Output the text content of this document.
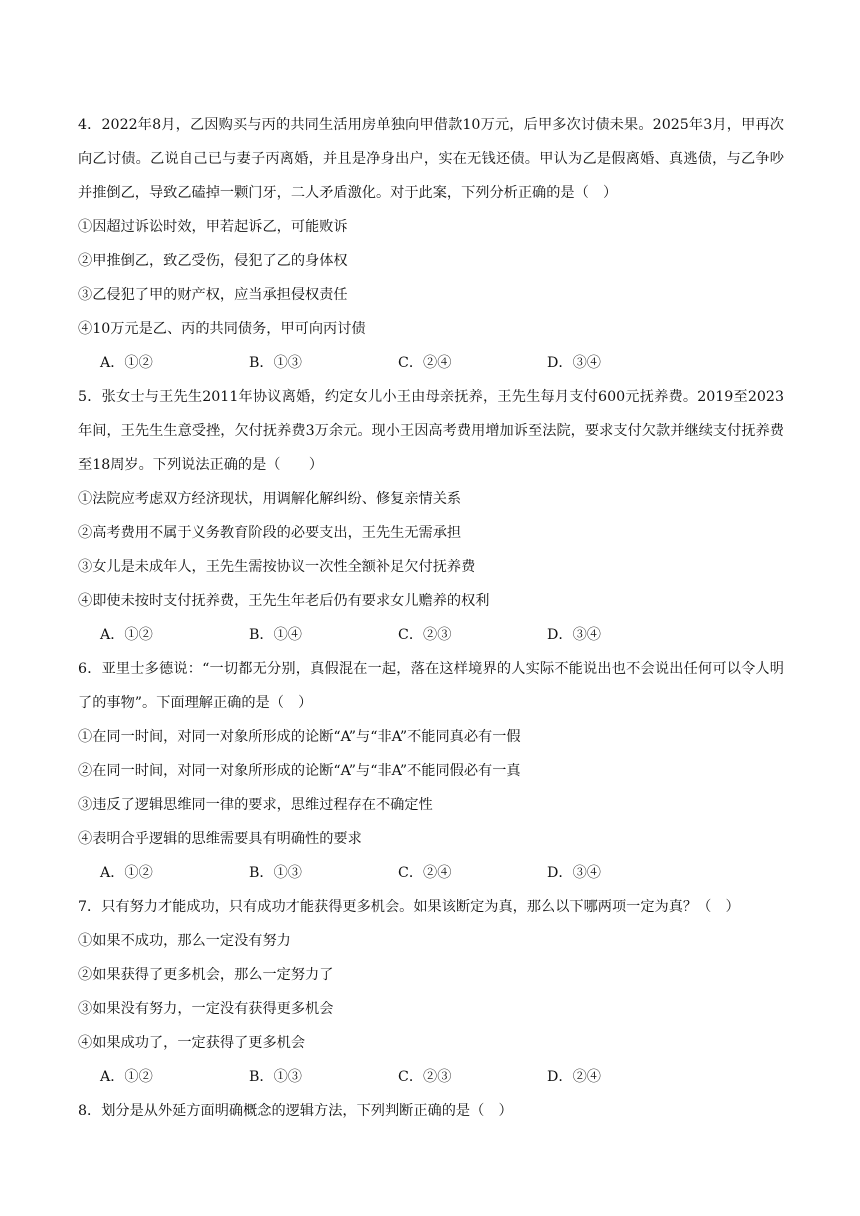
4．2022年8月，乙因购买与丙的共同生活用房单独向甲借款10万元，后甲多次讨债未果。2025年3月，甲再次向乙讨债。乙说自己已与妻子丙离婚，并且是净身出户，实在无钱还债。甲认为乙是假离婚、真逃债，与乙争吵并推倒乙，导致乙磕掉一颗门牙，二人矛盾激化。对于此案，下列分析正确的是（　）

①因超过诉讼时效，甲若起诉乙，可能败诉

②甲推倒乙，致乙受伤，侵犯了乙的身体权

③乙侵犯了甲的财产权，应当承担侵权责任

④10万元是乙、丙的共同债务，甲可向丙讨债

A．①②	B．①③	C．②④	D．③④

5．张女士与王先生2011年协议离婚，约定女儿小王由母亲抚养，王先生每月支付600元抚养费。2019至2023年间，王先生生意受挫，欠付抚养费3万余元。现小王因高考费用增加诉至法院，要求支付欠款并继续支付抚养费至18周岁。下列说法正确的是（　　）

①法院应考虑双方经济现状，用调解化解纠纷、修复亲情关系

②高考费用不属于义务教育阶段的必要支出，王先生无需承担

③女儿是未成年人，王先生需按协议一次性全额补足欠付抚养费

④即使未按时支付抚养费，王先生年老后仍有要求女儿赡养的权利

A．①②	B．①④	C．②③	D．③④

6．亚里士多德说：“一切都无分别，真假混在一起，落在这样境界的人实际不能说出也不会说出任何可以令人明了的事物”。下面理解正确的是（　）

①在同一时间，对同一对象所形成的论断“A”与“非A”不能同真必有一假

②在同一时间，对同一对象所形成的论断“A”与“非A”不能同假必有一真

③违反了逻辑思维同一律的要求，思维过程存在不确定性

④表明合乎逻辑的思维需要具有明确性的要求

A．①②	B．①③	C．②④	D．③④

7．只有努力才能成功，只有成功才能获得更多机会。如果该断定为真，那么以下哪两项一定为真？（　）

①如果不成功，那么一定没有努力

②如果获得了更多机会，那么一定努力了

③如果没有努力，一定没有获得更多机会

④如果成功了，一定获得了更多机会

A．①②	B．①③	C．②③	D．②④

8．划分是从外延方面明确概念的逻辑方法，下列判断正确的是（　）
